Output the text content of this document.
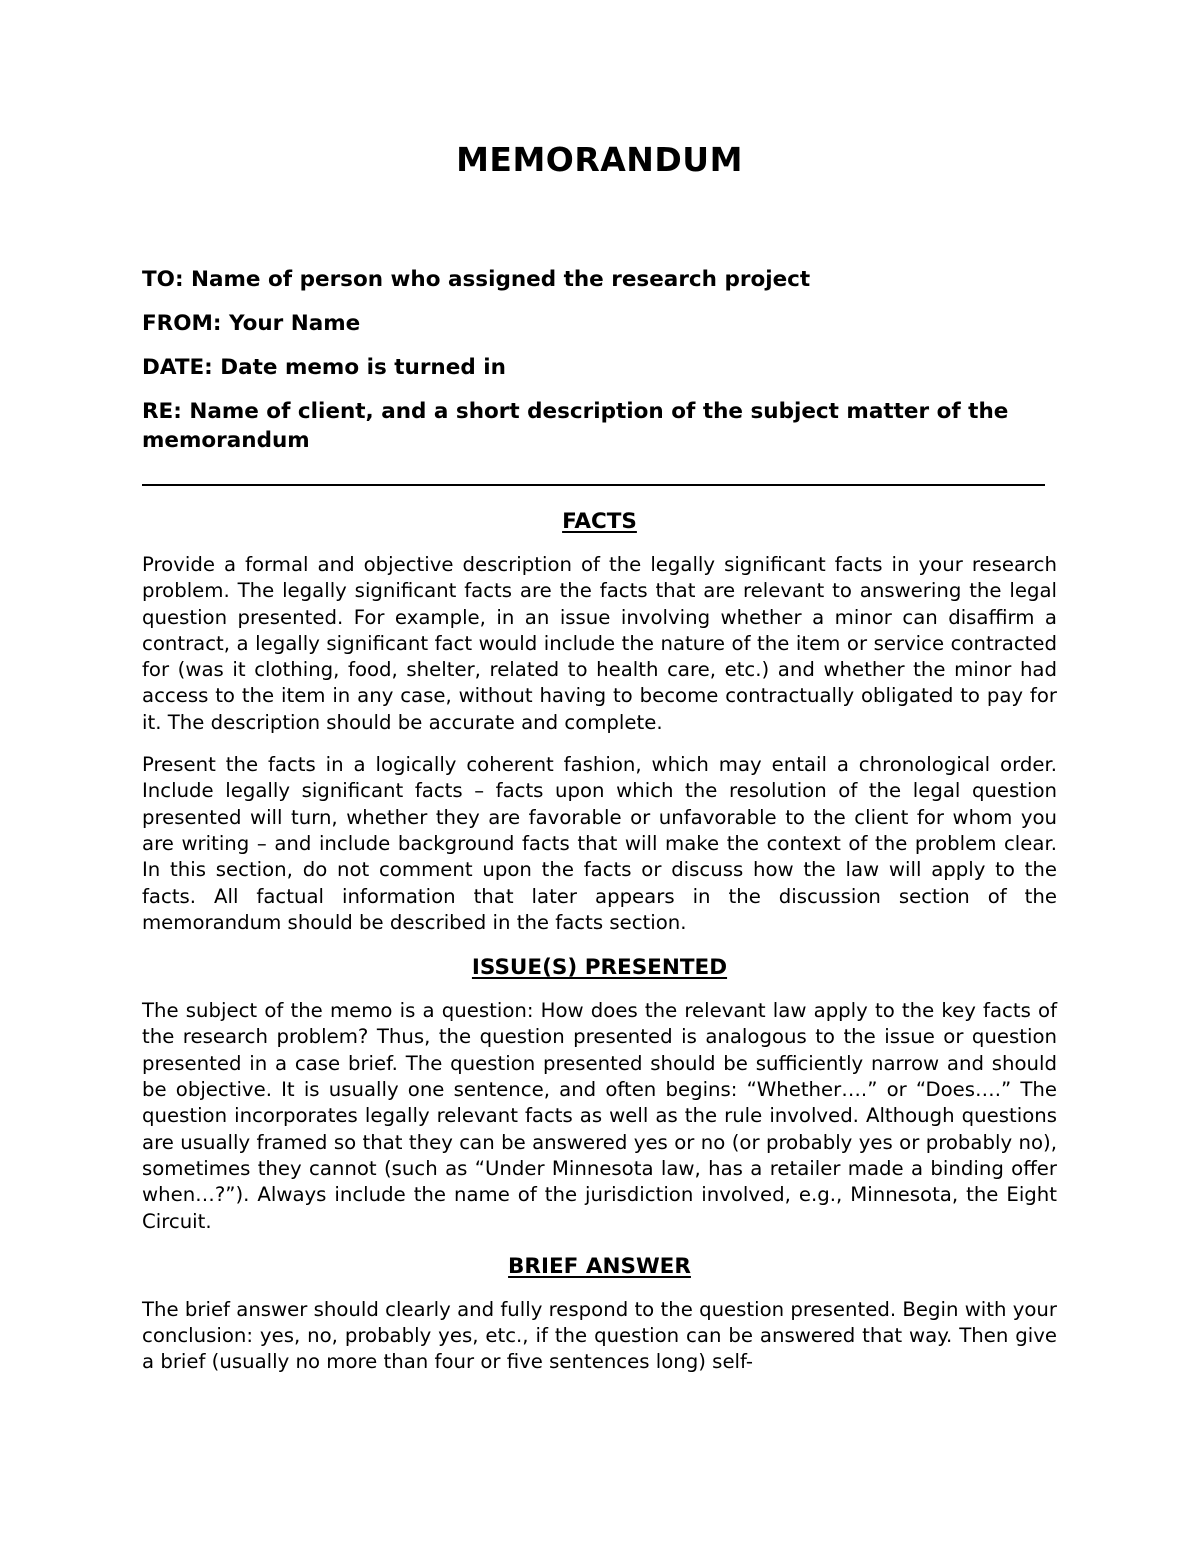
MEMORANDUM
TO: Name of person who assigned the research project
FROM: Your Name
DATE: Date memo is turned in
RE: Name of client, and a short description of the subject matter of the memorandum
FACTS

Provide a formal and objective description of the legally significant facts in your research problem. The legally significant facts are the facts that are relevant to answering the legal question presented. For example, in an issue involving whether a minor can disaffirm a contract, a legally significant fact would include the nature of the item or service contracted for (was it clothing, food, shelter, related to health care, etc.) and whether the minor had access to the item in any case, without having to become contractually obligated to pay for it. The description should be accurate and complete.

Present the facts in a logically coherent fashion, which may entail a chronological order. Include legally significant facts – facts upon which the resolution of the legal question presented will turn, whether they are favorable or unfavorable to the client for whom you are writing – and include background facts that will make the context of the problem clear. In this section, do not comment upon the facts or discuss how the law will apply to the facts. All factual information that later appears in the discussion section of the memorandum should be described in the facts section.

ISSUE(S) PRESENTED

The subject of the memo is a question: How does the relevant law apply to the key facts of the research problem? Thus, the question presented is analogous to the issue or question presented in a case brief. The question presented should be sufficiently narrow and should be objective. It is usually one sentence, and often begins: “Whether….” or “Does….” The question incorporates legally relevant facts as well as the rule involved. Although questions are usually framed so that they can be answered yes or no (or probably yes or probably no), sometimes they cannot (such as “Under Minnesota law, has a retailer made a binding offer when…?”). Always include the name of the jurisdiction involved, e.g., Minnesota, the Eight Circuit.

BRIEF ANSWER

The brief answer should clearly and fully respond to the question presented. Begin with your conclusion: yes, no, probably yes, etc., if the question can be answered that way. Then give a brief (usually no more than four or five sentences long) self-
